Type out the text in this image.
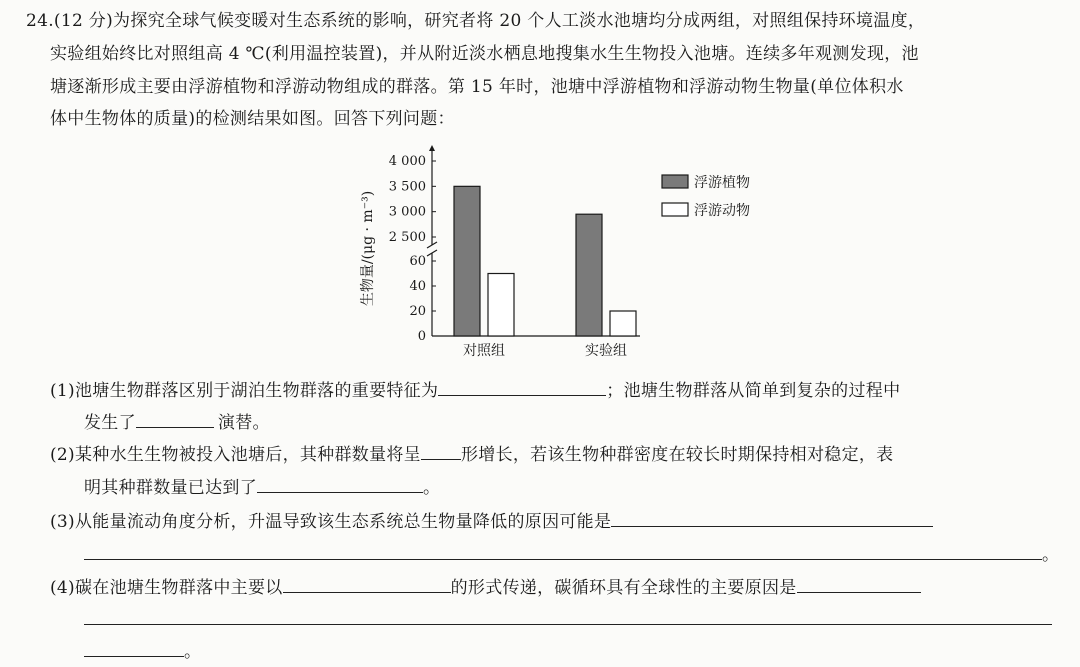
24.(12 分)为探究全球气候变暖对生态系统的影响，研究者将 20 个人工淡水池塘均分成两组，对照组保持环境温度，
实验组始终比对照组高 4 ℃(利用温控装置)，并从附近淡水栖息地搜集水生生物投入池塘。连续多年观测发现，池
塘逐渐形成主要由浮游植物和浮游动物组成的群落。第 15 年时，池塘中浮游植物和浮游动物生物量(单位体积水
体中生物体的质量)的检测结果如图。回答下列问题：
0
20
40
60
2 500
3 000
3 500
4 000
生物量/(μg · m⁻³)
对照组	实验组
浮游植物
浮游动物
(1)池塘生物群落区别于湖泊生物群落的重要特征为	；池塘生物群落从简单到复杂的过程中
发生了	演替。
(2)某种水生生物被投入池塘后，其种群数量将呈 形增长，若该生物种群密度在较长时期保持相对稳定，表
明其种群数量已达到了	。
(3)从能量流动角度分析，升温导致该生态系统总生物量降低的原因可能是
。
(4)碳在池塘生物群落中主要以	的形式传递，碳循环具有全球性的主要原因是
。
